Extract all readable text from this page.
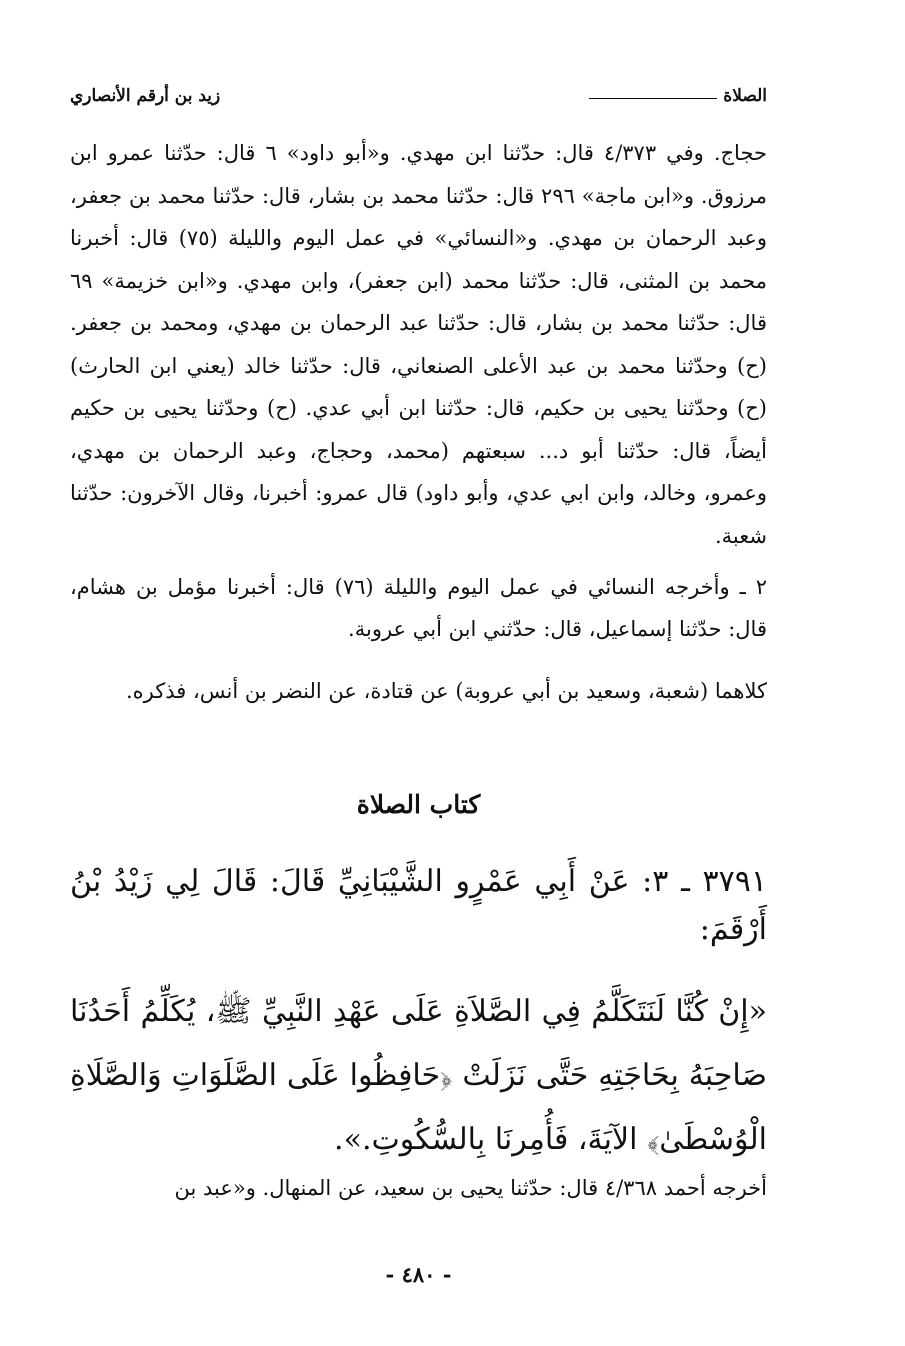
الصلاة
زيد بن أرقم الأنصاري
حجاج. وفي ٤/٣٧٣ قال: حدّثنا ابن مهدي. و«أبو داود» ٦ قال: حدّثنا عمرو ابن مرزوق. و«ابن ماجة» ٢٩٦ قال: حدّثنا محمد بن بشار، قال: حدّثنا محمد بن جعفر، وعبد الرحمان بن مهدي. و«النسائي» في عمل اليوم والليلة (٧٥) قال: أخبرنا محمد بن المثنى، قال: حدّثنا محمد (ابن جعفر)، وابن مهدي. و«ابن خزيمة» ٦٩ قال: حدّثنا محمد بن بشار، قال: حدّثنا عبد الرحمان بن مهدي، ومحمد بن جعفر. (ح) وحدّثنا محمد بن عبد الأعلى الصنعاني، قال: حدّثنا خالد (يعني ابن الحارث) (ح) وحدّثنا يحيى بن حكيم، قال: حدّثنا ابن أبي عدي. (ح) وحدّثنا يحيى بن حكيم أيضاً، قال: حدّثنا أبو د... سبعتهم (محمد، وحجاج، وعبد الرحمان بن مهدي، وعمرو، وخالد، وابن ابي عدي، وأبو داود) قال عمرو: أخبرنا، وقال الآخرون: حدّثنا شعبة.
٢ ـ وأخرجه النسائي في عمل اليوم والليلة (٧٦) قال: أخبرنا مؤمل بن هشام، قال: حدّثنا إسماعيل، قال: حدّثني ابن أبي عروبة.
كلاهما (شعبة، وسعيد بن أبي عروبة) عن قتادة، عن النضر بن أنس، فذكره.
كتاب الصلاة
٣٧٩١ ـ ٣: عَنْ أَبِي عَمْرٍو الشَّيْبَانِيِّ قَالَ: قَالَ لِي زَيْدُ بْنُ أَرْقَمَ:
«إِنْ كُنَّا لَنَتَكَلَّمُ فِي الصَّلاَةِ عَلَى عَهْدِ النَّبِيِّ ﷺ، يُكَلِّمُ أَحَدُنَا صَاحِبَهُ بِحَاجَتِهِ حَتَّى نَزَلَتْ ﴿حَافِظُوا عَلَى الصَّلَوَاتِ وَالصَّلَاةِ الْوُسْطَىٰ﴾ الآيَةَ، فَأُمِرنَا بِالسُّكُوتِ.».
أخرجه أحمد ٤/٣٦٨ قال: حدّثنا يحيى بن سعيد، عن المنهال. و«عبد بن
- ٤٨٠ -
